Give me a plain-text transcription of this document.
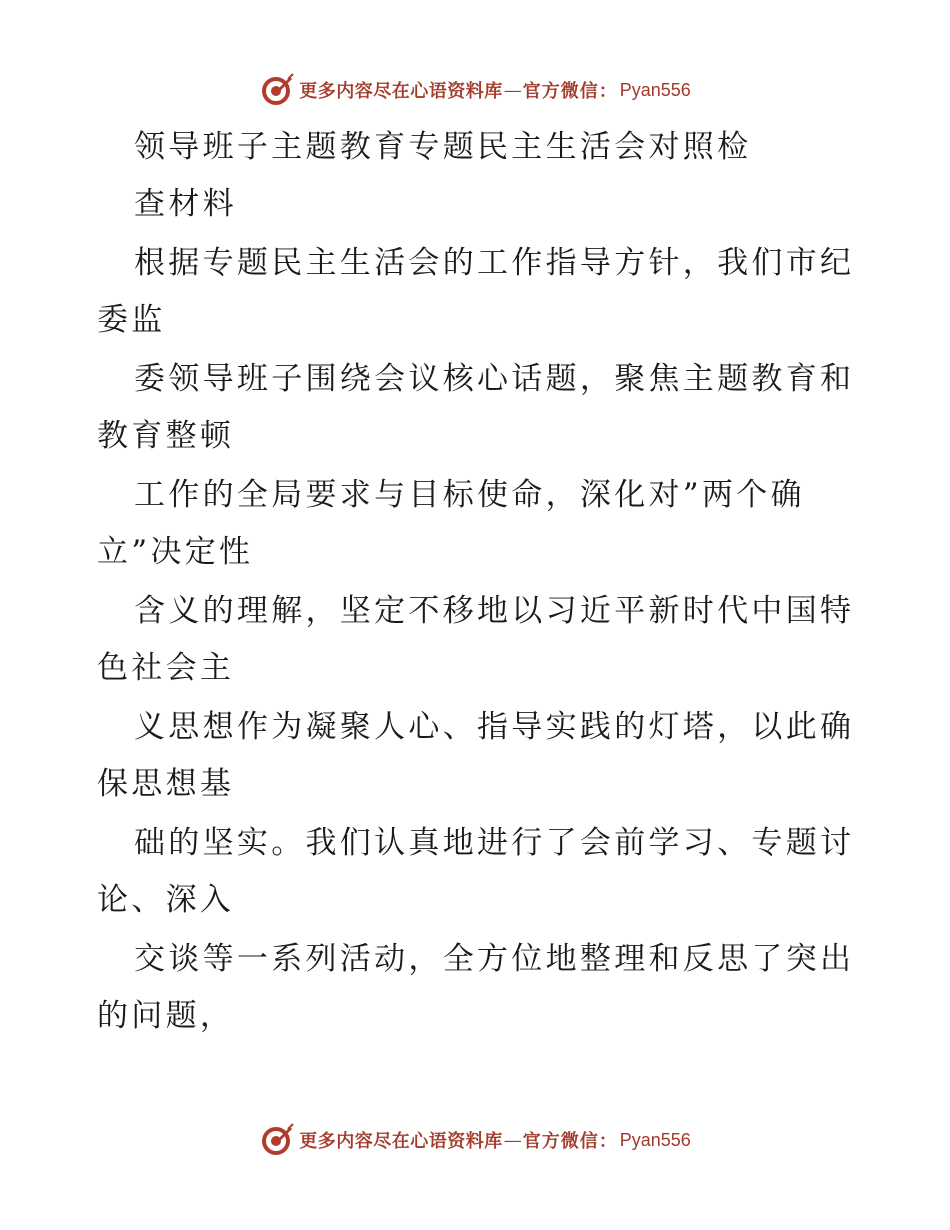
更多内容尽在心语资料库 — 官方微信： Pyan556
领导班子主题教育专题民主生活会对照检
查材料
根据专题民主生活会的工作指导方针，我们市纪
委监
委领导班子围绕会议核心话题，聚焦主题教育和
教育整顿
工作的全局要求与目标使命，深化对”两个确
立”决定性
含义的理解，坚定不移地以习近平新时代中国特
色社会主
义思想作为凝聚人心、指导实践的灯塔，以此确
保思想基
础的坚实。我们认真地进行了会前学习、专题讨
论、深入
交谈等一系列活动，全方位地整理和反思了突出
的问题，
更多内容尽在心语资料库 — 官方微信： Pyan556
